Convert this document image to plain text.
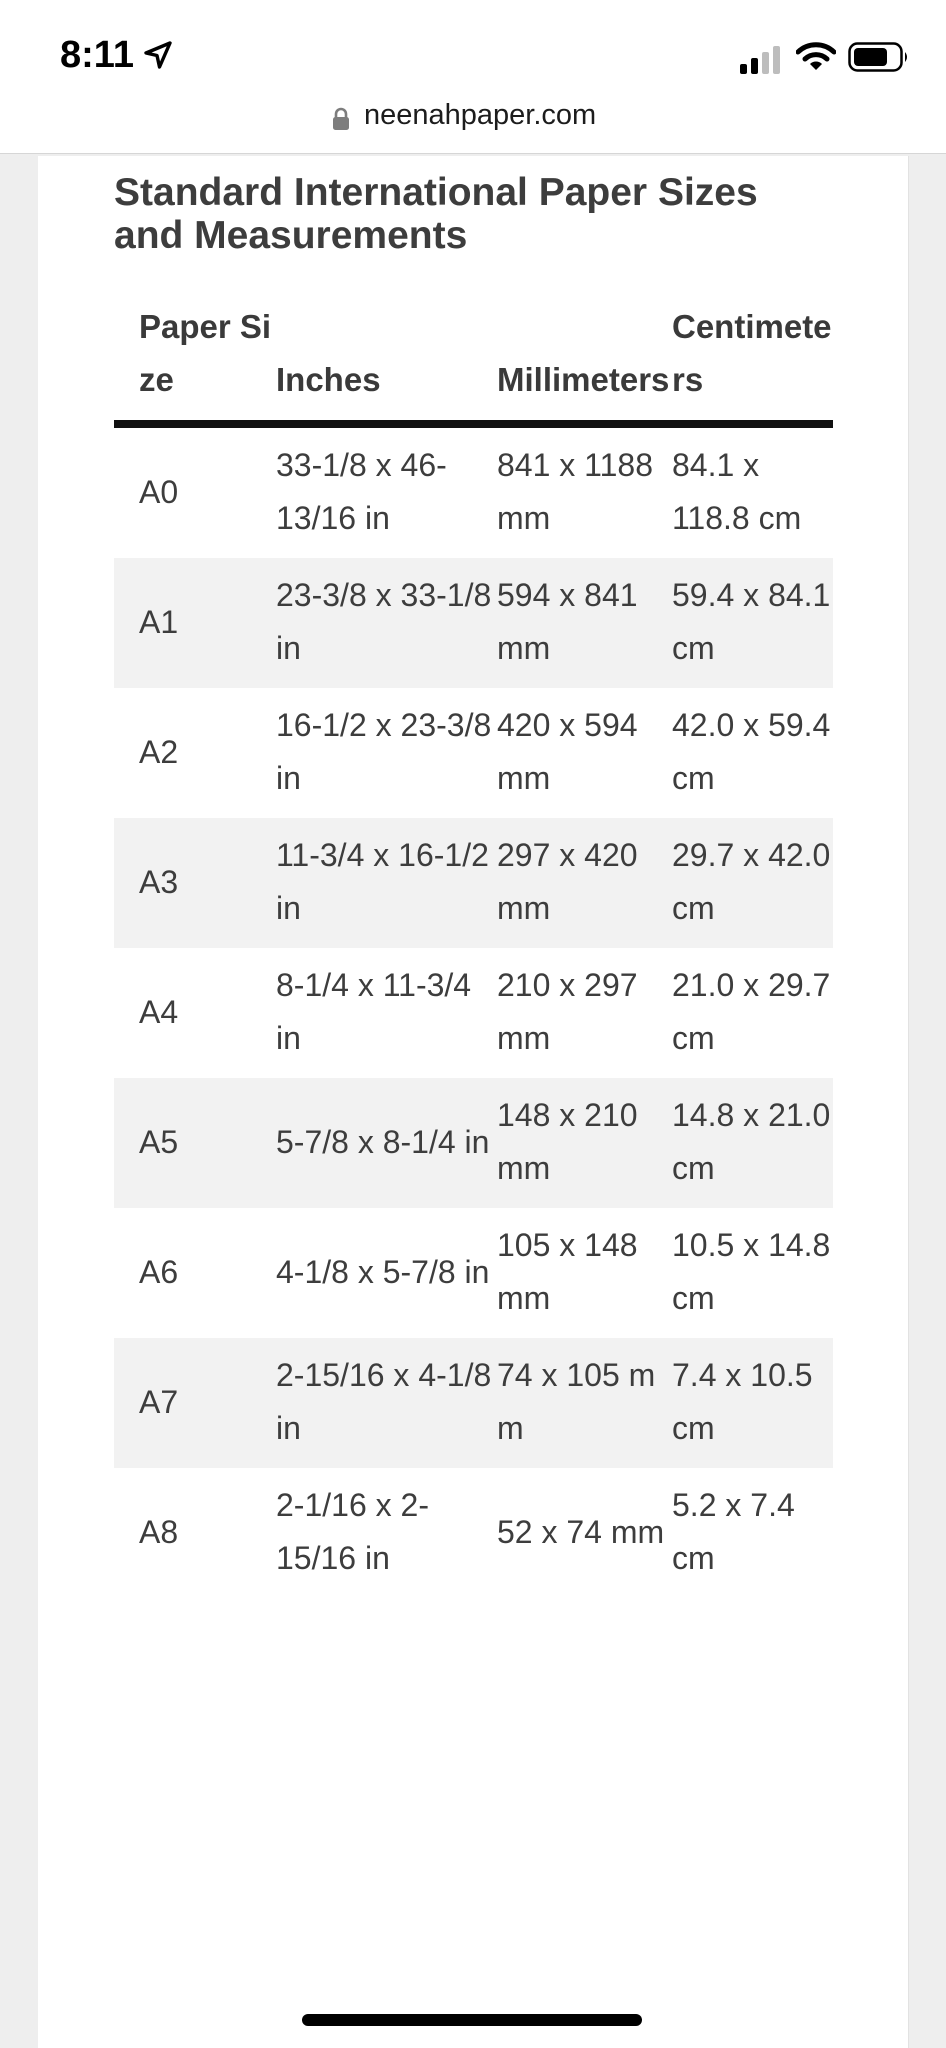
8:11
neenahpaper.com
Standard International Paper Sizes and Measurements
Paper Size	Inches	Millimeters	Centimeters
A0	33-1/8 x 46-13/16 in	841 x 1188 mm	84.1 x 118.8 cm
A1	23-3/8 x 33-1/8 in	594 x 841 mm	59.4 x 84.1 cm
A2	16-1/2 x 23-3/8 in	420 x 594 mm	42.0 x 59.4 cm
A3	11-3/4 x 16-1/2 in	297 x 420 mm	29.7 x 42.0 cm
A4	8-1/4 x 11-3/4 in	210 x 297 mm	21.0 x 29.7 cm
A5	5-7/8 x 8-1/4 in	148 x 210 mm	14.8 x 21.0 cm
A6	4-1/8 x 5-7/8 in	105 x 148 mm	10.5 x 14.8 cm
A7	2-15/16 x 4-1/8 in	74 x 105 mm	7.4 x 10.5 cm
A8	2-1/16 x 2-15/16 in	52 x 74 mm	5.2 x 7.4 cm
